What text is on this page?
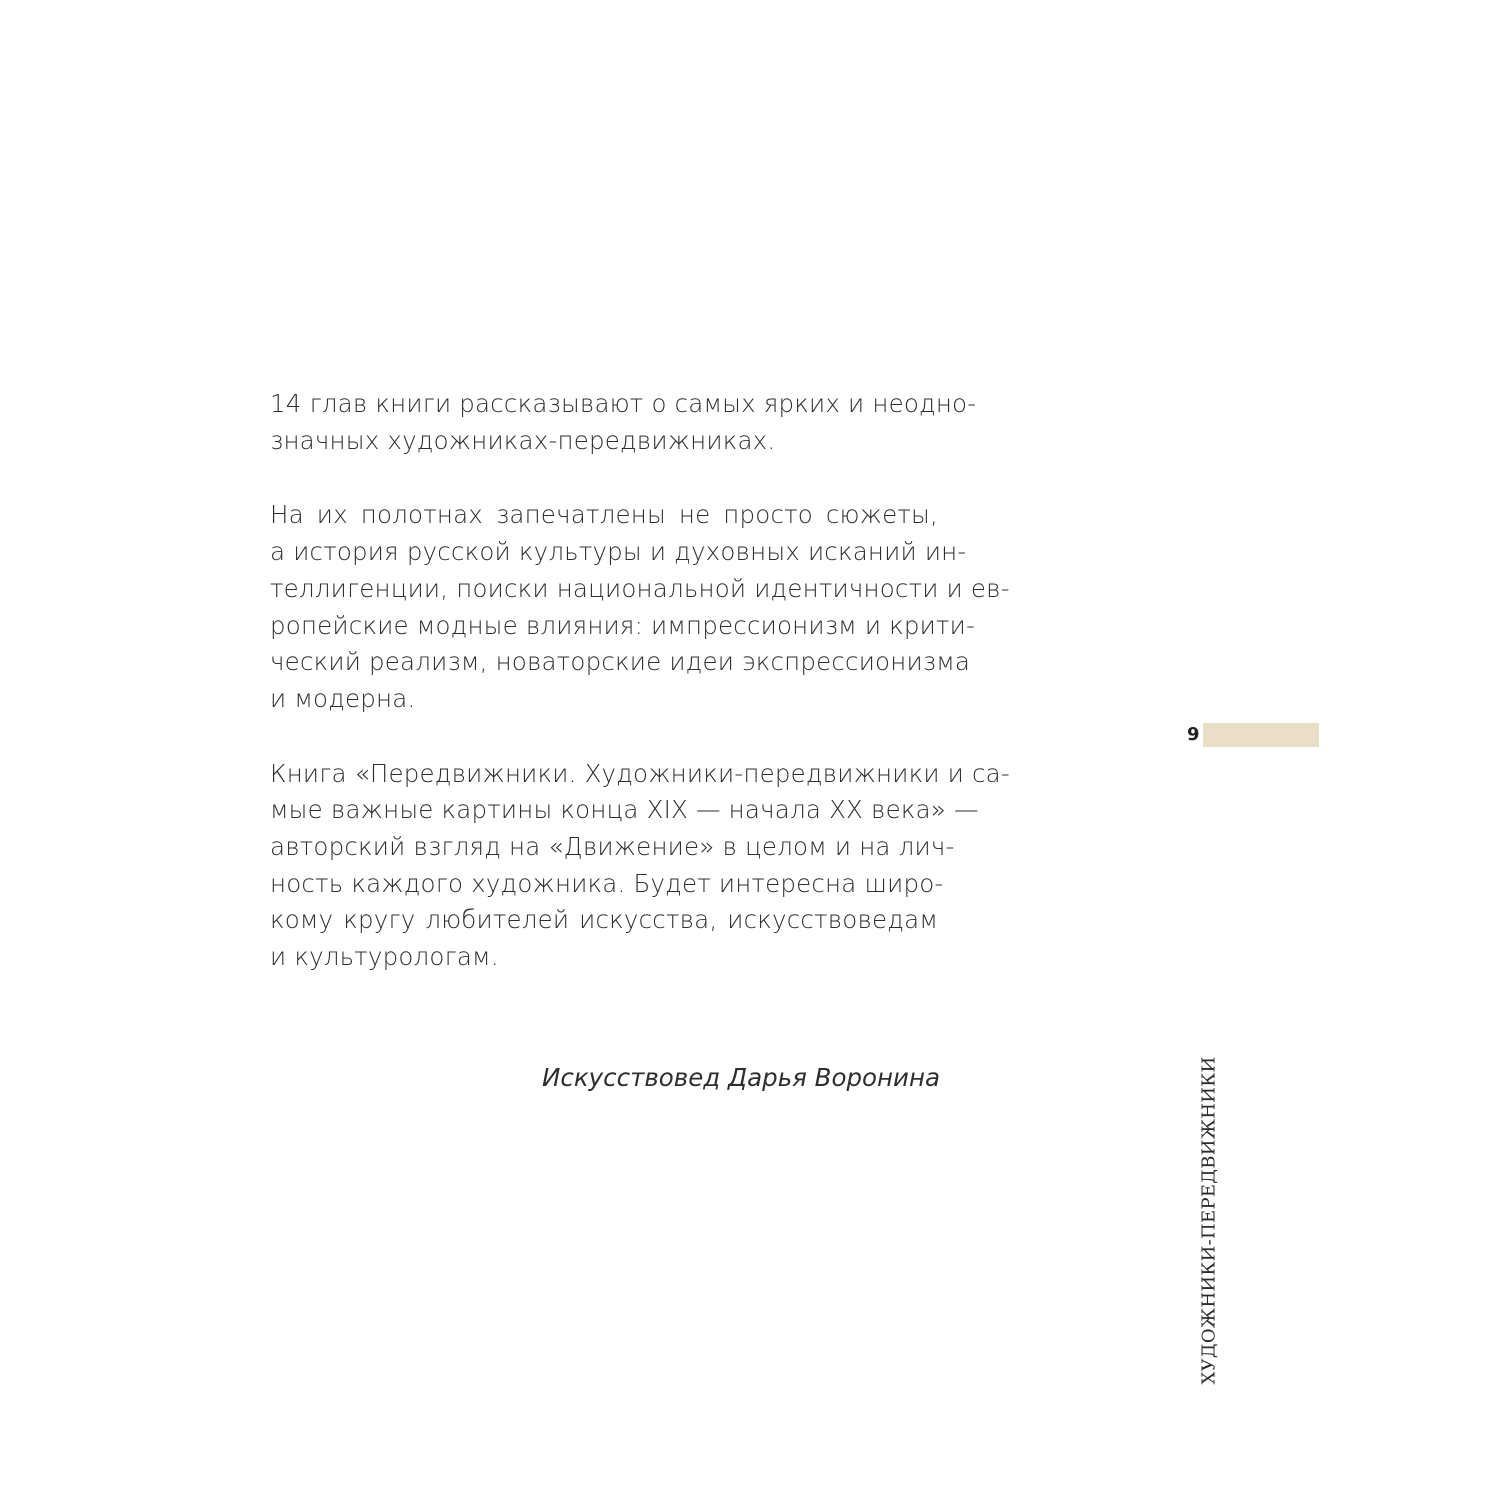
14 глав книги рассказывают о самых ярких и неодно-
значных художниках-передвижниках.

На их полотнах запечатлены не просто сюжеты,
а история русской культуры и духовных исканий ин-
теллигенции, поиски национальной идентичности и ев-
ропейские модные влияния: импрессионизм и крити-
ческий реализм, новаторские идеи экспрессионизма
и модерна.

Книга «Передвижники. Художники-передвижники и са-
мые важные картины конца XIX — начала XX века» —
авторский взгляд на «Движение» в целом и на лич-
ность каждого художника. Будет интересна широ-
кому кругу любителей искусства, искусствоведам
и культурологам.

Искусствовед Дарья Воронина
9
ХУДОЖНИКИ-ПЕРЕДВИЖНИКИ
